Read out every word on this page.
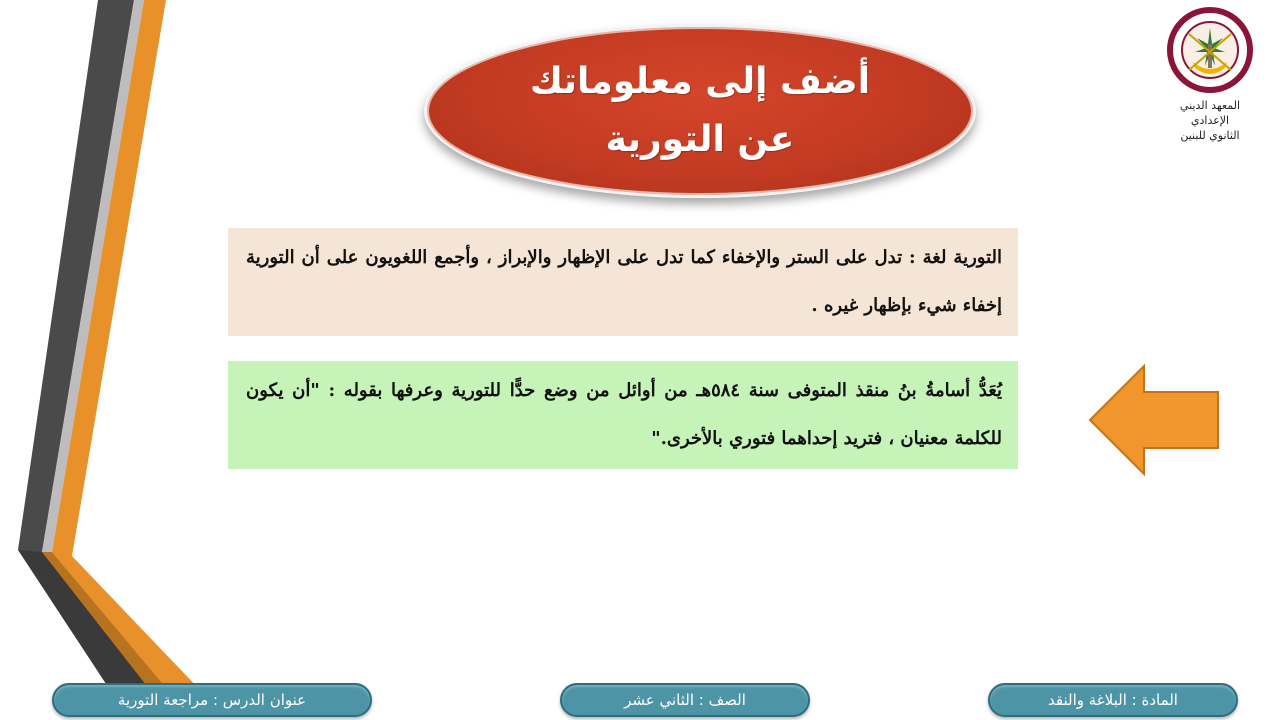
أضف إلى معلوماتك
عن التورية
المعهد الديني الإعدادي
الثانوي للبنين
التورية لغة : تدل على الستر والإخفاء كما تدل على الإظهار والإبراز ، وأجمع اللغويون على أن التورية إخفاء شيء بإظهار غيره .
يُعَدُّ أسامةُ بنُ منقذ المتوفى سنة ٥٨٤هـ من أوائل من وضع حدًّا للتورية وعرفها بقوله : "أن يكون للكلمة معنيان ، فتريد إحداهما فتوري بالأخرى."
عنوان الدرس : مراجعة التورية	الصف : الثاني عشر	المادة : البلاغة والنقد
